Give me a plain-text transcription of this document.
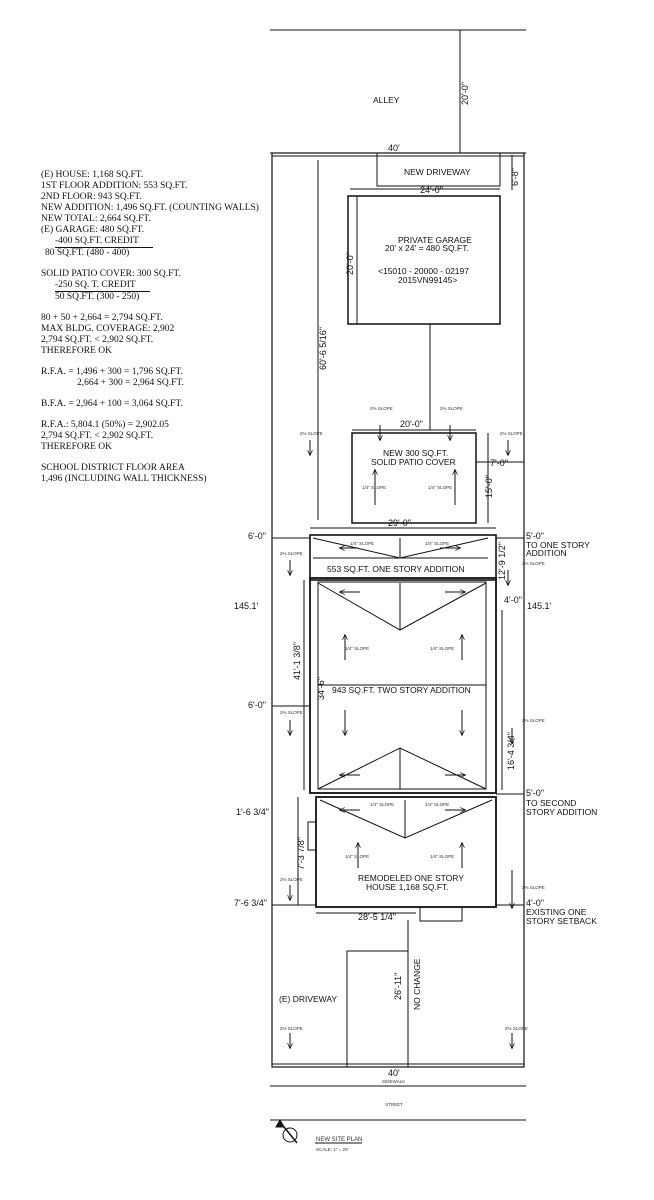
(E) HOUSE: 1,168 SQ.FT.
1ST FLOOR ADDITION: 553 SQ.FT.
2ND FLOOR: 943 SQ.FT.
NEW ADDITION: 1,496 SQ.FT. (COUNTING WALLS)
NEW TOTAL: 2,664 SQ.FT.
(E) GARAGE: 480 SQ.FT.
-400 SQ.FT. CREDIT
80 SQ.FT. (480 - 400)
SOLID PATIO COVER: 300 SQ.FT.
-250 SQ. T. CREDIT
50 SQ.FT. (300 - 250)
80 + 50 + 2,664 = 2,794 SQ.FT.
MAX BLDG. COVERAGE: 2,902
2,794 SQ.FT. < 2,902 SQ.FT.
THEREFORE OK
R.F.A. = 1,496 + 300 = 1,796 SQ.FT.
2,664 + 300 = 2,964 SQ.FT.
B.F.A. = 2,964 + 100 = 3,064 SQ.FT.
R.F.A.: 5,804.1 (50%) = 2,902.05
2,794 SQ.FT. < 2,902 SQ.FT.
THEREFORE OK
SCHOOL DISTRICT FLOOR AREA
1,496 (INCLUDING WALL THICKNESS)
ALLEY	20'-0"
40'
NEW DRIVEWAY	6'-8"
24'-0"
PRIVATE GARAGE
20' x 24' = 480 SQ.FT.
<15010 - 20000 - 02197
2015VN99145>
20'-0"
60'-6 5/16"
2% SLOPE	2% SLOPE
2% SLOPE	2% SLOPE
20'-0"
NEW 300 SQ.FT.
SOLID PATIO COVER
1/4" SLOPE	1/4" SLOPE
7'-0"
15'-0"
29'-0"
6'-0"	5'-0"
TO ONE STORY
ADDITION
1/4" SLOPE	1/4" SLOPE
2% SLOPE
2% SLOPE
553 SQ.FT. ONE STORY ADDITION	12'-9 1/2"
4'-0"
145.1'	145.1'
41'-1 3/8"
34'-6"
1/4" SLOPE	1/4" SLOPE
943 SQ.FT. TWO STORY ADDITION
6'-0"
2% SLOPE
2% SLOPE
16'-4 3/4"
5'-0"
TO SECOND
STORY ADDITION
1'-6 3/4"
1/4" SLOPE	1/4" SLOPE
1/4" SLOPE	1/4" SLOPE
7'-3 7/8"
REMODELED ONE STORY
HOUSE 1,168 SQ.FT.
2% SLOPE
2% SLOPE
7'-6 3/4"	4'-0"
EXISTING ONE
STORY SETBACK
28'-5 1/4"
26'-11" NO CHANGE
(E) DRIVEWAY
2% SLOPE	2% SLOPE
40'
SIDEWALK
STREET
NEW SITE PLAN
SCALE: 1" = 20'
